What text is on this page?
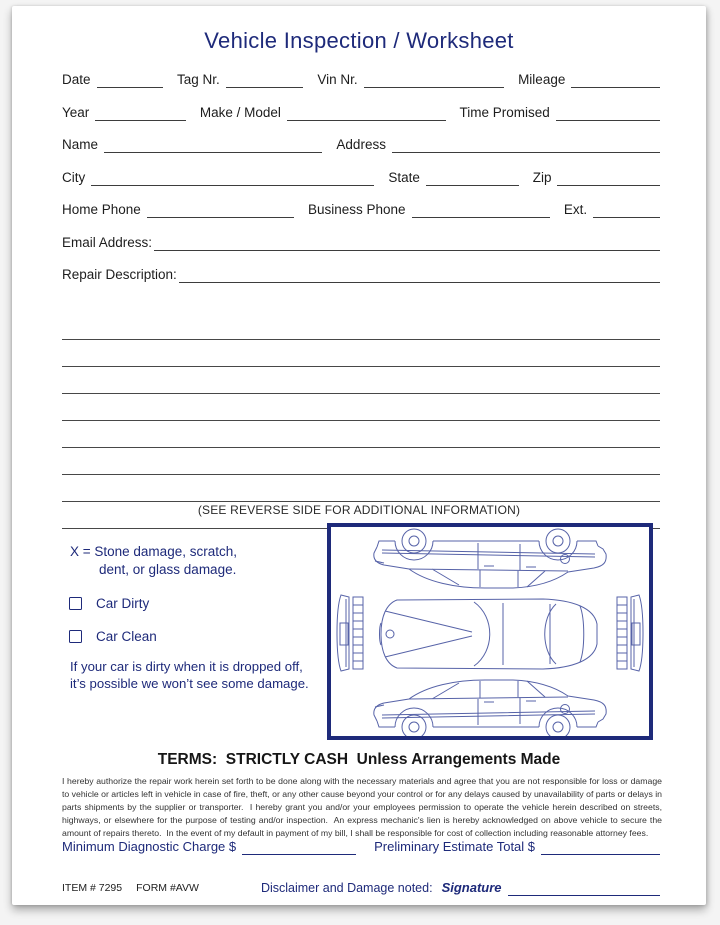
Vehicle Inspection / Worksheet
Date	Tag Nr.	Vin Nr.	Mileage
Year	Make / Model	Time Promised
Name	Address
City	State	Zip
Home Phone	Business Phone	Ext.
Email Address:
Repair Description:
(SEE REVERSE SIDE FOR ADDITIONAL INFORMATION)
X = Stone damage, scratch,
dent, or glass damage.
Car Dirty
Car Clean
If your car is dirty when it is dropped off,
it’s possible we won’t see some damage.
TERMS:  STRICTLY CASH  Unless Arrangements Made
I hereby authorize the repair work herein set forth to be done along with the necessary materials and agree that you are not responsible for loss or damage to vehicle or articles left in vehicle in case of fire, theft, or any other cause beyond your control or for any delays caused by unavailability of parts or delays in parts shipments by the supplier or transporter.  I hereby grant you and/or your employees permission to operate the vehicle herein described on streets, highways, or elsewhere for the purpose of testing and/or inspection.  An express mechanic's lien is hereby acknowledged on above vehicle to secure the amount of repairs thereto.  In the event of my default in payment of my bill, I shall be responsible for cost of collection including reasonable attorney fees.
Minimum Diagnostic Charge $	Preliminary Estimate Total $
ITEM # 7295 FORM #AVW	Disclaimer and Damage noted: Signature
